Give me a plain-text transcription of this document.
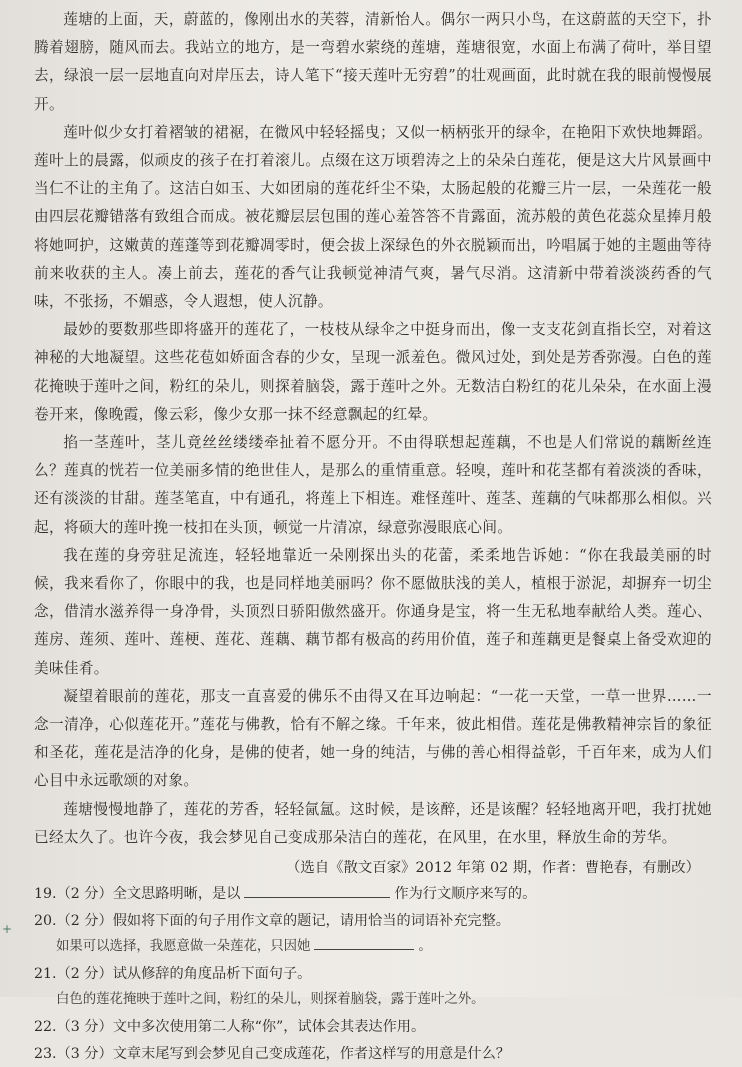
莲塘的上面，天，蔚蓝的，像刚出水的芙蓉，清新怡人。偶尔一两只小鸟，在这蔚蓝的天空下，扑腾着翅膀，随风而去。我站立的地方，是一弯碧水萦绕的莲塘，莲塘很宽，水面上布满了荷叶，举目望去，绿浪一层一层地直向对岸压去，诗人笔下“接天莲叶无穷碧”的壮观画面，此时就在我的眼前慢慢展开。

莲叶似少女打着褶皱的裙裾，在微风中轻轻摇曳；又似一柄柄张开的绿伞，在艳阳下欢快地舞蹈。莲叶上的晨露，似顽皮的孩子在打着滚儿。点缀在这万顷碧涛之上的朵朵白莲花，便是这大片风景画中当仁不让的主角了。这洁白如玉、大如团扇的莲花纤尘不染，太肠起般的花瓣三片一层，一朵莲花一般由四层花瓣错落有致组合而成。被花瓣层层包围的莲心羞答答不肯露面，流苏般的黄色花蕊众星捧月般将她呵护，这嫩黄的莲蓬等到花瓣凋零时，便会拔上深绿色的外衣脱颖而出，吟唱属于她的主题曲等待前来收获的主人。凑上前去，莲花的香气让我顿觉神清气爽，暑气尽消。这清新中带着淡淡药香的气味，不张扬，不媚惑，令人遐想，使人沉静。

最妙的要数那些即将盛开的莲花了，一枝枝从绿伞之中挺身而出，像一支支花剑直指长空，对着这神秘的大地凝望。这些花苞如娇面含春的少女，呈现一派羞色。微风过处，到处是芳香弥漫。白色的莲花掩映于莲叶之间，粉红的朵儿，则探着脑袋，露于莲叶之外。无数洁白粉红的花儿朵朵，在水面上漫卷开来，像晚霞，像云彩，像少女那一抹不经意飘起的红晕。

掐一茎莲叶，茎儿竟丝丝缕缕牵扯着不愿分开。不由得联想起莲藕，不也是人们常说的藕断丝连么？莲真的恍若一位美丽多情的绝世佳人，是那么的重情重意。轻嗅，莲叶和花茎都有着淡淡的香味，还有淡淡的甘甜。莲茎笔直，中有通孔，将莲上下相连。难怪莲叶、莲茎、莲藕的气味都那么相似。兴起，将硕大的莲叶挽一枝扣在头顶，顿觉一片清凉，绿意弥漫眼底心间。

我在莲的身旁驻足流连，轻轻地靠近一朵刚探出头的花蕾，柔柔地告诉她：“你在我最美丽的时候，我来看你了，你眼中的我，也是同样地美丽吗？你不愿做肤浅的美人，植根于淤泥，却摒弃一切尘念，借清水滋养得一身净骨，头顶烈日骄阳傲然盛开。你通身是宝，将一生无私地奉献给人类。莲心、莲房、莲须、莲叶、莲梗、莲花、莲藕、藕节都有极高的药用价值，莲子和莲藕更是餐桌上备受欢迎的美味佳肴。

凝望着眼前的莲花，那支一直喜爱的佛乐不由得又在耳边响起：“一花一天堂，一草一世界……一念一清净，心似莲花开。”莲花与佛教，恰有不解之缘。千年来，彼此相借。莲花是佛教精神宗旨的象征和圣花，莲花是洁净的化身，是佛的使者，她一身的纯洁，与佛的善心相得益彰，千百年来，成为人们心目中永远歌颂的对象。

莲塘慢慢地静了，莲花的芳香，轻轻氤氲。这时候，是该醉，还是该醒？轻轻地离开吧，我打扰她已经太久了。也许今夜，我会梦见自己变成那朵洁白的莲花，在风里，在水里，释放生命的芳华。

（选自《散文百家》2012 年第 02 期，作者：曹艳春，有删改）

19.（2 分）全文思路明晰，是以	作为行文顺序来写的。

20.（2 分）假如将下面的句子用作文章的题记，请用恰当的词语补充完整。

如果可以选择，我愿意做一朵莲花，只因她	。

21.（2 分）试从修辞的角度品析下面句子。

白色的莲花掩映于莲叶之间，粉红的朵儿，则探着脑袋，露于莲叶之外。

22.（3 分）文中多次使用第二人称“你”，试体会其表达作用。

23.（3 分）文章末尾写到会梦见自己变成莲花，作者这样写的用意是什么？

+
